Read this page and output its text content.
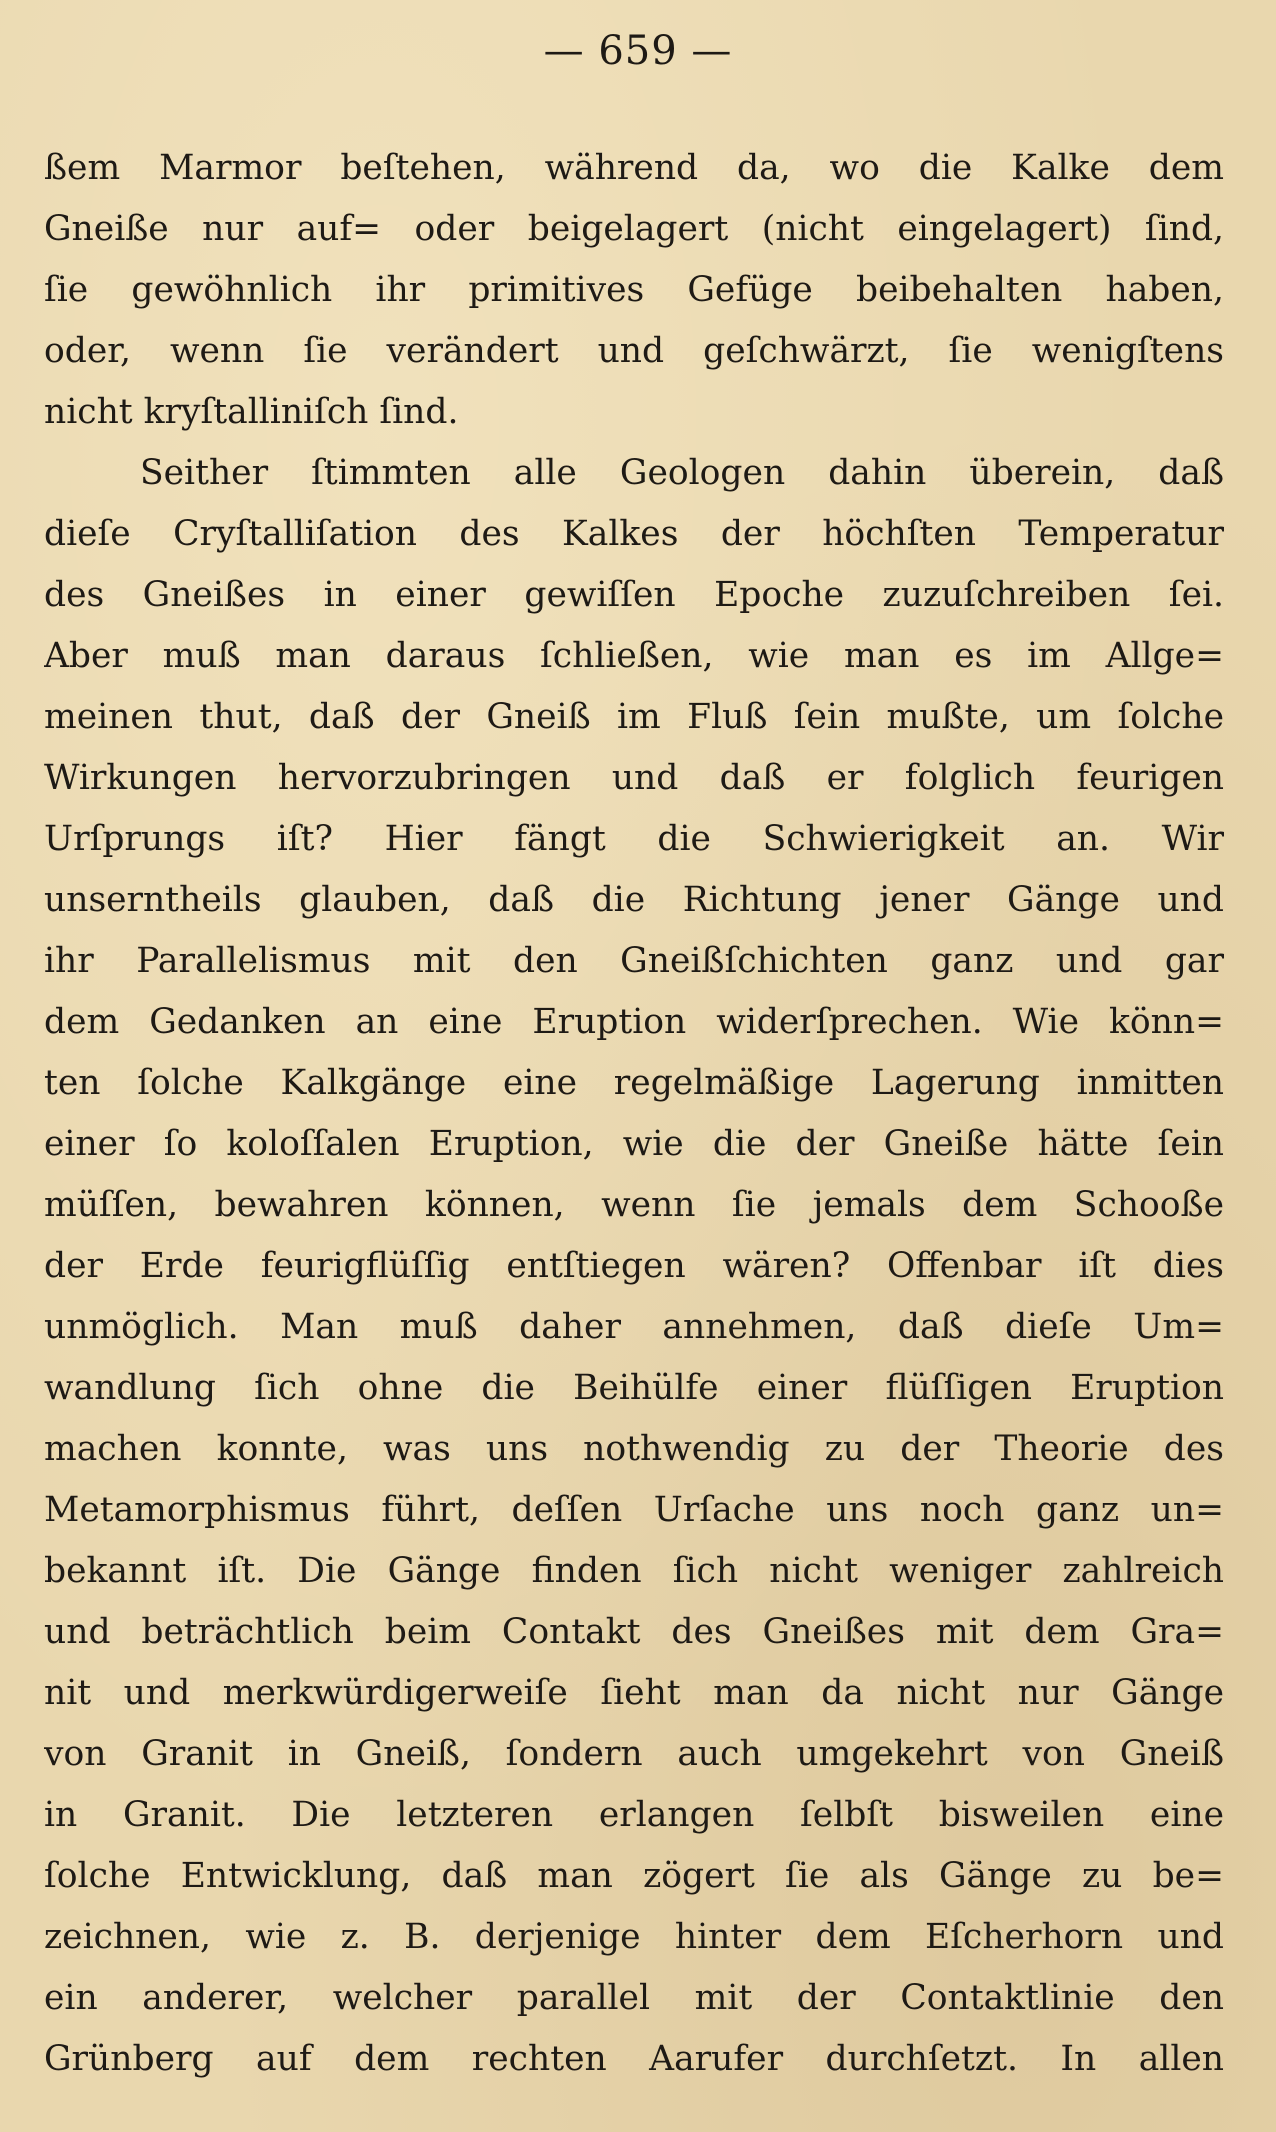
— 659 —
ßem Marmor beſtehen, während da, wo die Kalke dem
Gneiße nur auf= oder beigelagert (nicht eingelagert) ſind,
ſie gewöhnlich ihr primitives Gefüge beibehalten haben,
oder, wenn ſie verändert und geſchwärzt, ſie wenigſtens
nicht kryſtalliniſch ſind.
Seither ſtimmten alle Geologen dahin überein, daß
dieſe Cryſtalliſation des Kalkes der höchſten Temperatur
des Gneißes in einer gewiſſen Epoche zuzuſchreiben ſei.
Aber muß man daraus ſchließen, wie man es im Allge=
meinen thut, daß der Gneiß im Fluß ſein mußte, um ſolche
Wirkungen hervorzubringen und daß er folglich feurigen
Urſprungs iſt? Hier fängt die Schwierigkeit an. Wir
unserntheils glauben, daß die Richtung jener Gänge und
ihr Parallelismus mit den Gneißſchichten ganz und gar
dem Gedanken an eine Eruption widerſprechen. Wie könn=
ten ſolche Kalkgänge eine regelmäßige Lagerung inmitten
einer ſo koloſſalen Eruption, wie die der Gneiße hätte ſein
müſſen, bewahren können, wenn ſie jemals dem Schooße
der Erde feurigflüſſig entſtiegen wären? Offenbar iſt dies
unmöglich. Man muß daher annehmen, daß dieſe Um=
wandlung ſich ohne die Beihülfe einer flüſſigen Eruption
machen konnte, was uns nothwendig zu der Theorie des
Metamorphismus führt, deſſen Urſache uns noch ganz un=
bekannt iſt. Die Gänge finden ſich nicht weniger zahlreich
und beträchtlich beim Contakt des Gneißes mit dem Gra=
nit und merkwürdigerweiſe ſieht man da nicht nur Gänge
von Granit in Gneiß, ſondern auch umgekehrt von Gneiß
in Granit. Die letzteren erlangen ſelbſt bisweilen eine
ſolche Entwicklung, daß man zögert ſie als Gänge zu be=
zeichnen, wie z. B. derjenige hinter dem Eſcherhorn und
ein anderer, welcher parallel mit der Contaktlinie den
Grünberg auf dem rechten Aarufer durchſetzt. In allen
